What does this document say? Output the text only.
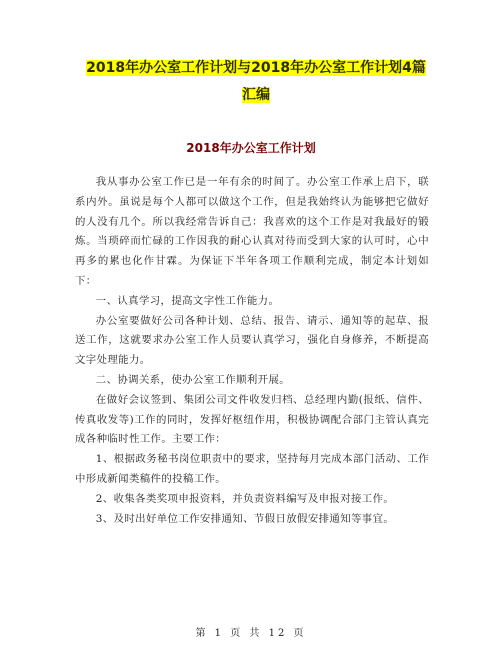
2018年办公室工作计划与2018年办公室工作计划4篇汇编
2018年办公室工作计划

我从事办公室工作已是一年有余的时间了。办公室工作承上启下，联系内外。虽说是每个人都可以做这个工作，但是我始终认为能够把它做好的人没有几个。所以我经常告诉自己：我喜欢的这个工作是对我最好的锻炼。当琐碎而忙碌的工作因我的耐心认真对待而受到大家的认可时，心中再多的累也化作甘霖。为保证下半年各项工作顺利完成，制定本计划如下：

一、认真学习，提高文字性工作能力。

办公室要做好公司各种计划、总结、报告、请示、通知等的起草、报送工作，这就要求办公室工作人员要认真学习，强化自身修养，不断提高文字处理能力。

二、协调关系，使办公室工作顺利开展。

在做好会议签到、集团公司文件收发归档、总经理内勤(报纸、信件、传真收发等)工作的同时，发挥好枢纽作用，积极协调配合部门主管认真完成各种临时性工作。主要工作：

1、根据政务秘书岗位职责中的要求，坚持每月完成本部门活动、工作中形成新闻类稿件的投稿工作。

2、收集各类奖项申报资料，并负责资料编写及申报对接工作。

3、及时出好单位工作安排通知、节假日放假安排通知等事宜。

第 1 页 共 12 页
